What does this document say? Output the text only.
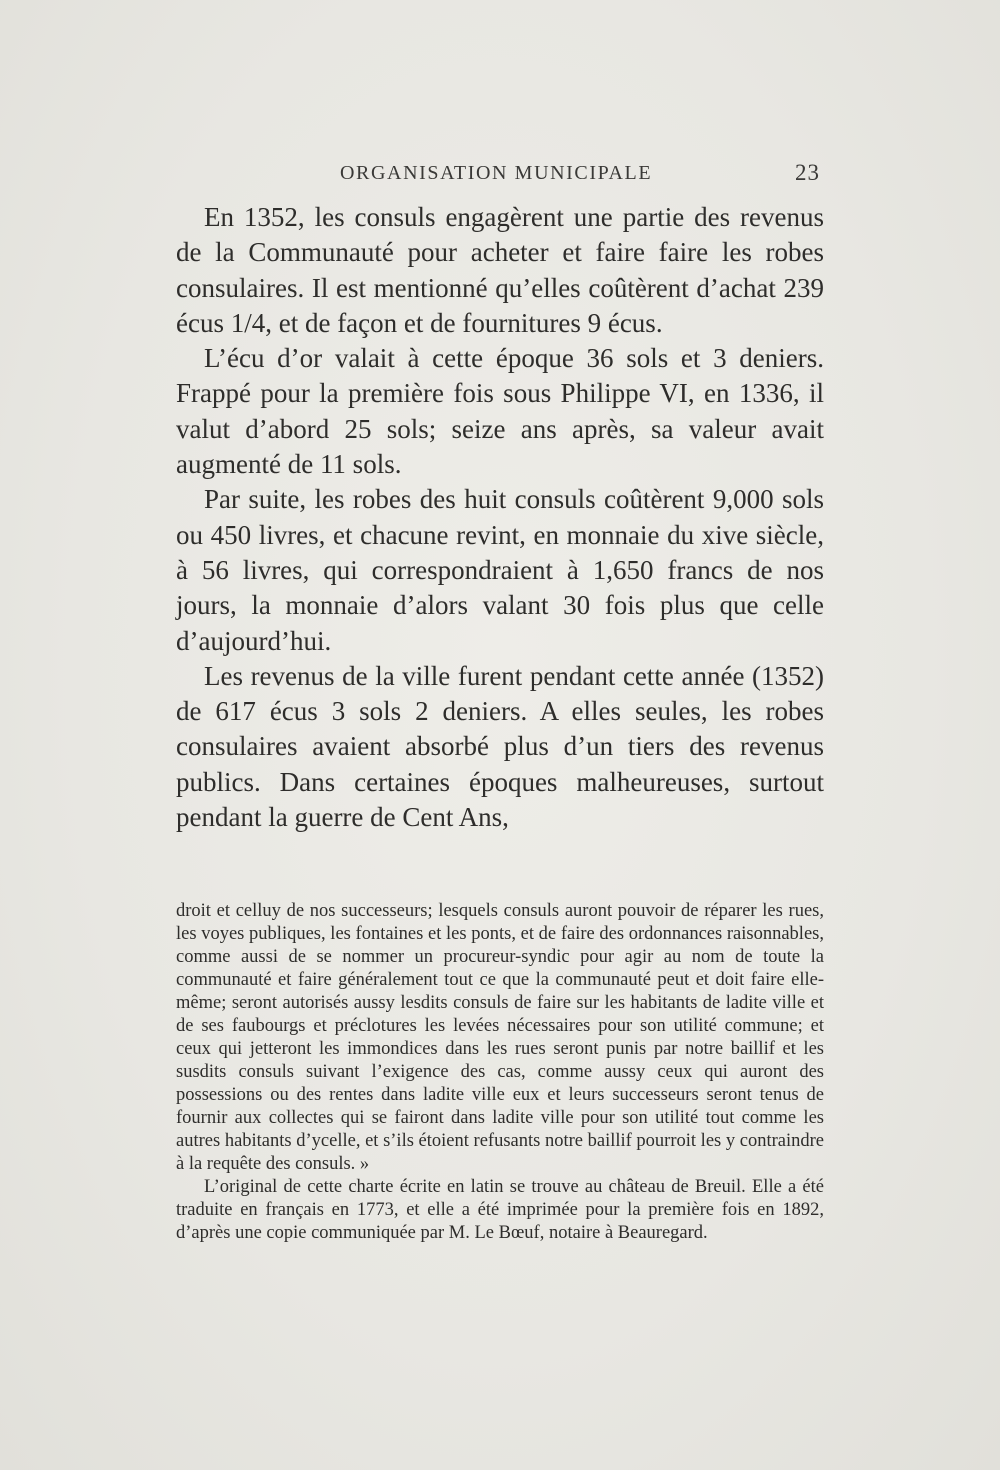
ORGANISATION MUNICIPALE	23

En 1352, les consuls engagèrent une partie des revenus de la Communauté pour acheter et faire faire les robes consulaires. Il est mentionné qu’elles coûtèrent d’achat 239 écus 1/4, et de façon et de fournitures 9 écus.

L’écu d’or valait à cette époque 36 sols et 3 deniers. Frappé pour la première fois sous Philippe VI, en 1336, il valut d’abord 25 sols; seize ans après, sa valeur avait augmenté de 11 sols.

Par suite, les robes des huit consuls coûtèrent 9,000 sols ou 450 livres, et chacune revint, en monnaie du xive siècle, à 56 livres, qui correspondraient à 1,650 francs de nos jours, la monnaie d’alors valant 30 fois plus que celle d’aujourd’hui.

Les revenus de la ville furent pendant cette année (1352) de 617 écus 3 sols 2 deniers. A elles seules, les robes consulaires avaient absorbé plus d’un tiers des revenus publics. Dans certaines époques malheureuses, surtout pendant la guerre de Cent Ans,

droit et celluy de nos successeurs; lesquels consuls auront pouvoir de réparer les rues, les voyes publiques, les fontaines et les ponts, et de faire des ordonnances raisonnables, comme aussi de se nommer un procureur-syndic pour agir au nom de toute la communauté et faire généralement tout ce que la communauté peut et doit faire elle-même; seront autorisés aussy lesdits consuls de faire sur les habitants de ladite ville et de ses faubourgs et préclotures les levées nécessaires pour son utilité commune; et ceux qui jetteront les immondices dans les rues seront punis par notre baillif et les susdits consuls suivant l’exigence des cas, comme aussy ceux qui auront des possessions ou des rentes dans ladite ville eux et leurs successeurs seront tenus de fournir aux collectes qui se fairont dans ladite ville pour son utilité tout comme les autres habitants d’ycelle, et s’ils étoient refusants notre baillif pourroit les y contraindre à la requête des consuls. »

L’original de cette charte écrite en latin se trouve au château de Breuil. Elle a été traduite en français en 1773, et elle a été imprimée pour la première fois en 1892, d’après une copie communiquée par M. Le Bœuf, notaire à Beauregard.
